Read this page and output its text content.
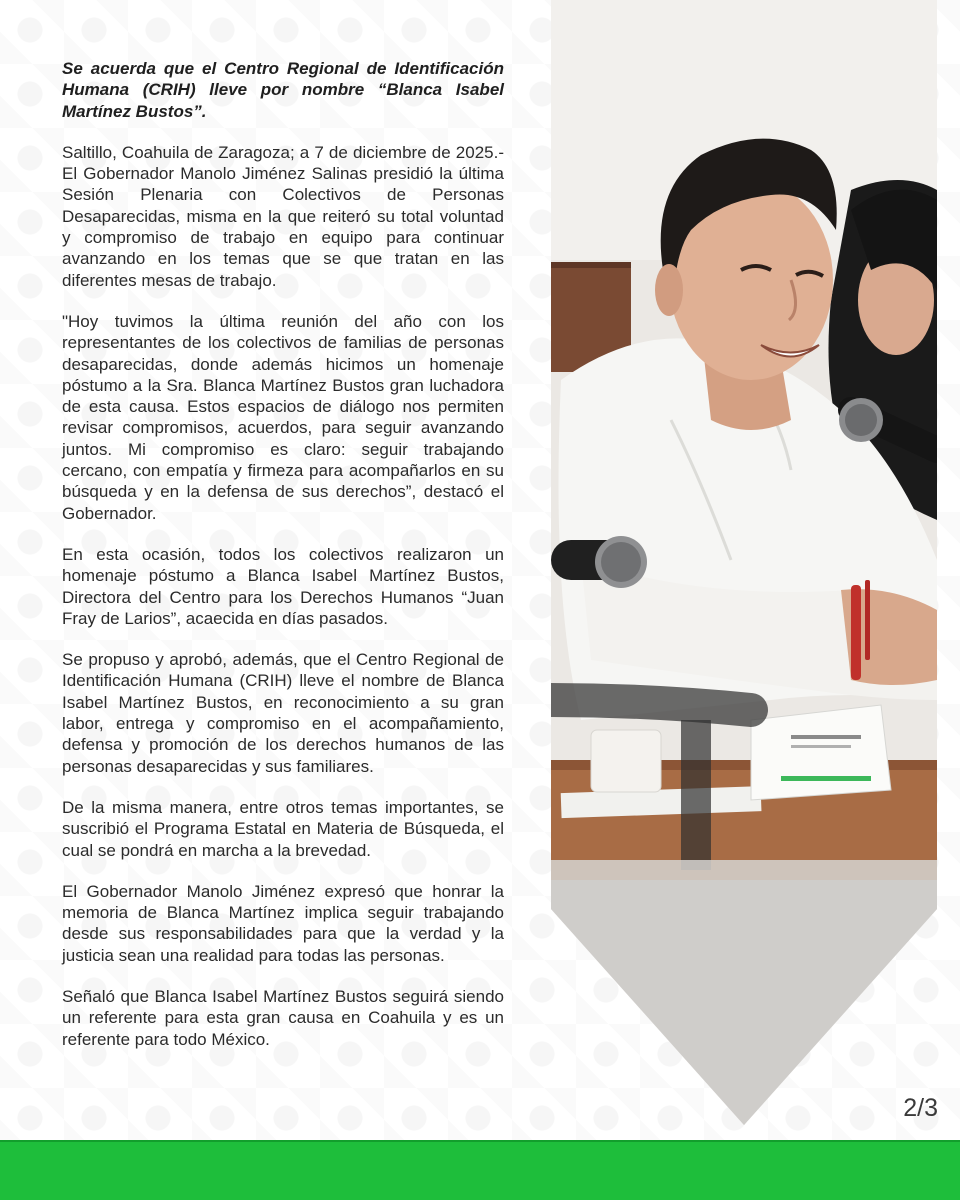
Se acuerda que el Centro Regional de Identificación Humana (CRIH) lleve por nombre “Blanca Isabel Martínez Bustos”.

Saltillo, Coahuila de Zaragoza; a 7 de diciembre de 2025.- El Gobernador Manolo Jiménez Salinas presidió la última Sesión Plenaria con Colectivos de Personas Desaparecidas, misma en la que reiteró su total voluntad y compromiso de trabajo en equipo para continuar avanzando en los temas que se que tratan en las diferentes mesas de trabajo.

"Hoy tuvimos la última reunión del año con los representantes de los colectivos de familias de personas desaparecidas, donde además hicimos un homenaje póstumo a la Sra. Blanca Martínez Bustos gran luchadora de esta causa. Estos espacios de diálogo nos permiten revisar compromisos, acuerdos, para seguir avanzando juntos. Mi compromiso es claro: seguir trabajando cercano, con empatía y firmeza para acompañarlos en su búsqueda y en la defensa de sus derechos”, destacó el Gobernador.

En esta ocasión, todos los colectivos realizaron un homenaje póstumo a Blanca Isabel Martínez Bustos, Directora del Centro para los Derechos Humanos “Juan Fray de Larios”, acaecida en días pasados.

Se propuso y aprobó, además, que el Centro Regional de Identificación Humana (CRIH) lleve el nombre de Blanca Isabel Martínez Bustos, en reconocimiento a su gran labor, entrega y compromiso en el acompañamiento, defensa y promoción de los derechos humanos de las personas desaparecidas y sus familiares.

De la misma manera, entre otros temas importantes, se suscribió el Programa Estatal en Materia de Búsqueda, el cual se pondrá en marcha a la brevedad.

El Gobernador Manolo Jiménez expresó que honrar la memoria de Blanca Martínez implica seguir trabajando desde sus responsabilidades para que la verdad y la justicia sean una realidad para todas las personas.

Señaló que Blanca Isabel Martínez Bustos seguirá siendo un referente para esta gran causa en Coahuila y es un referente para todo México.

2/3
